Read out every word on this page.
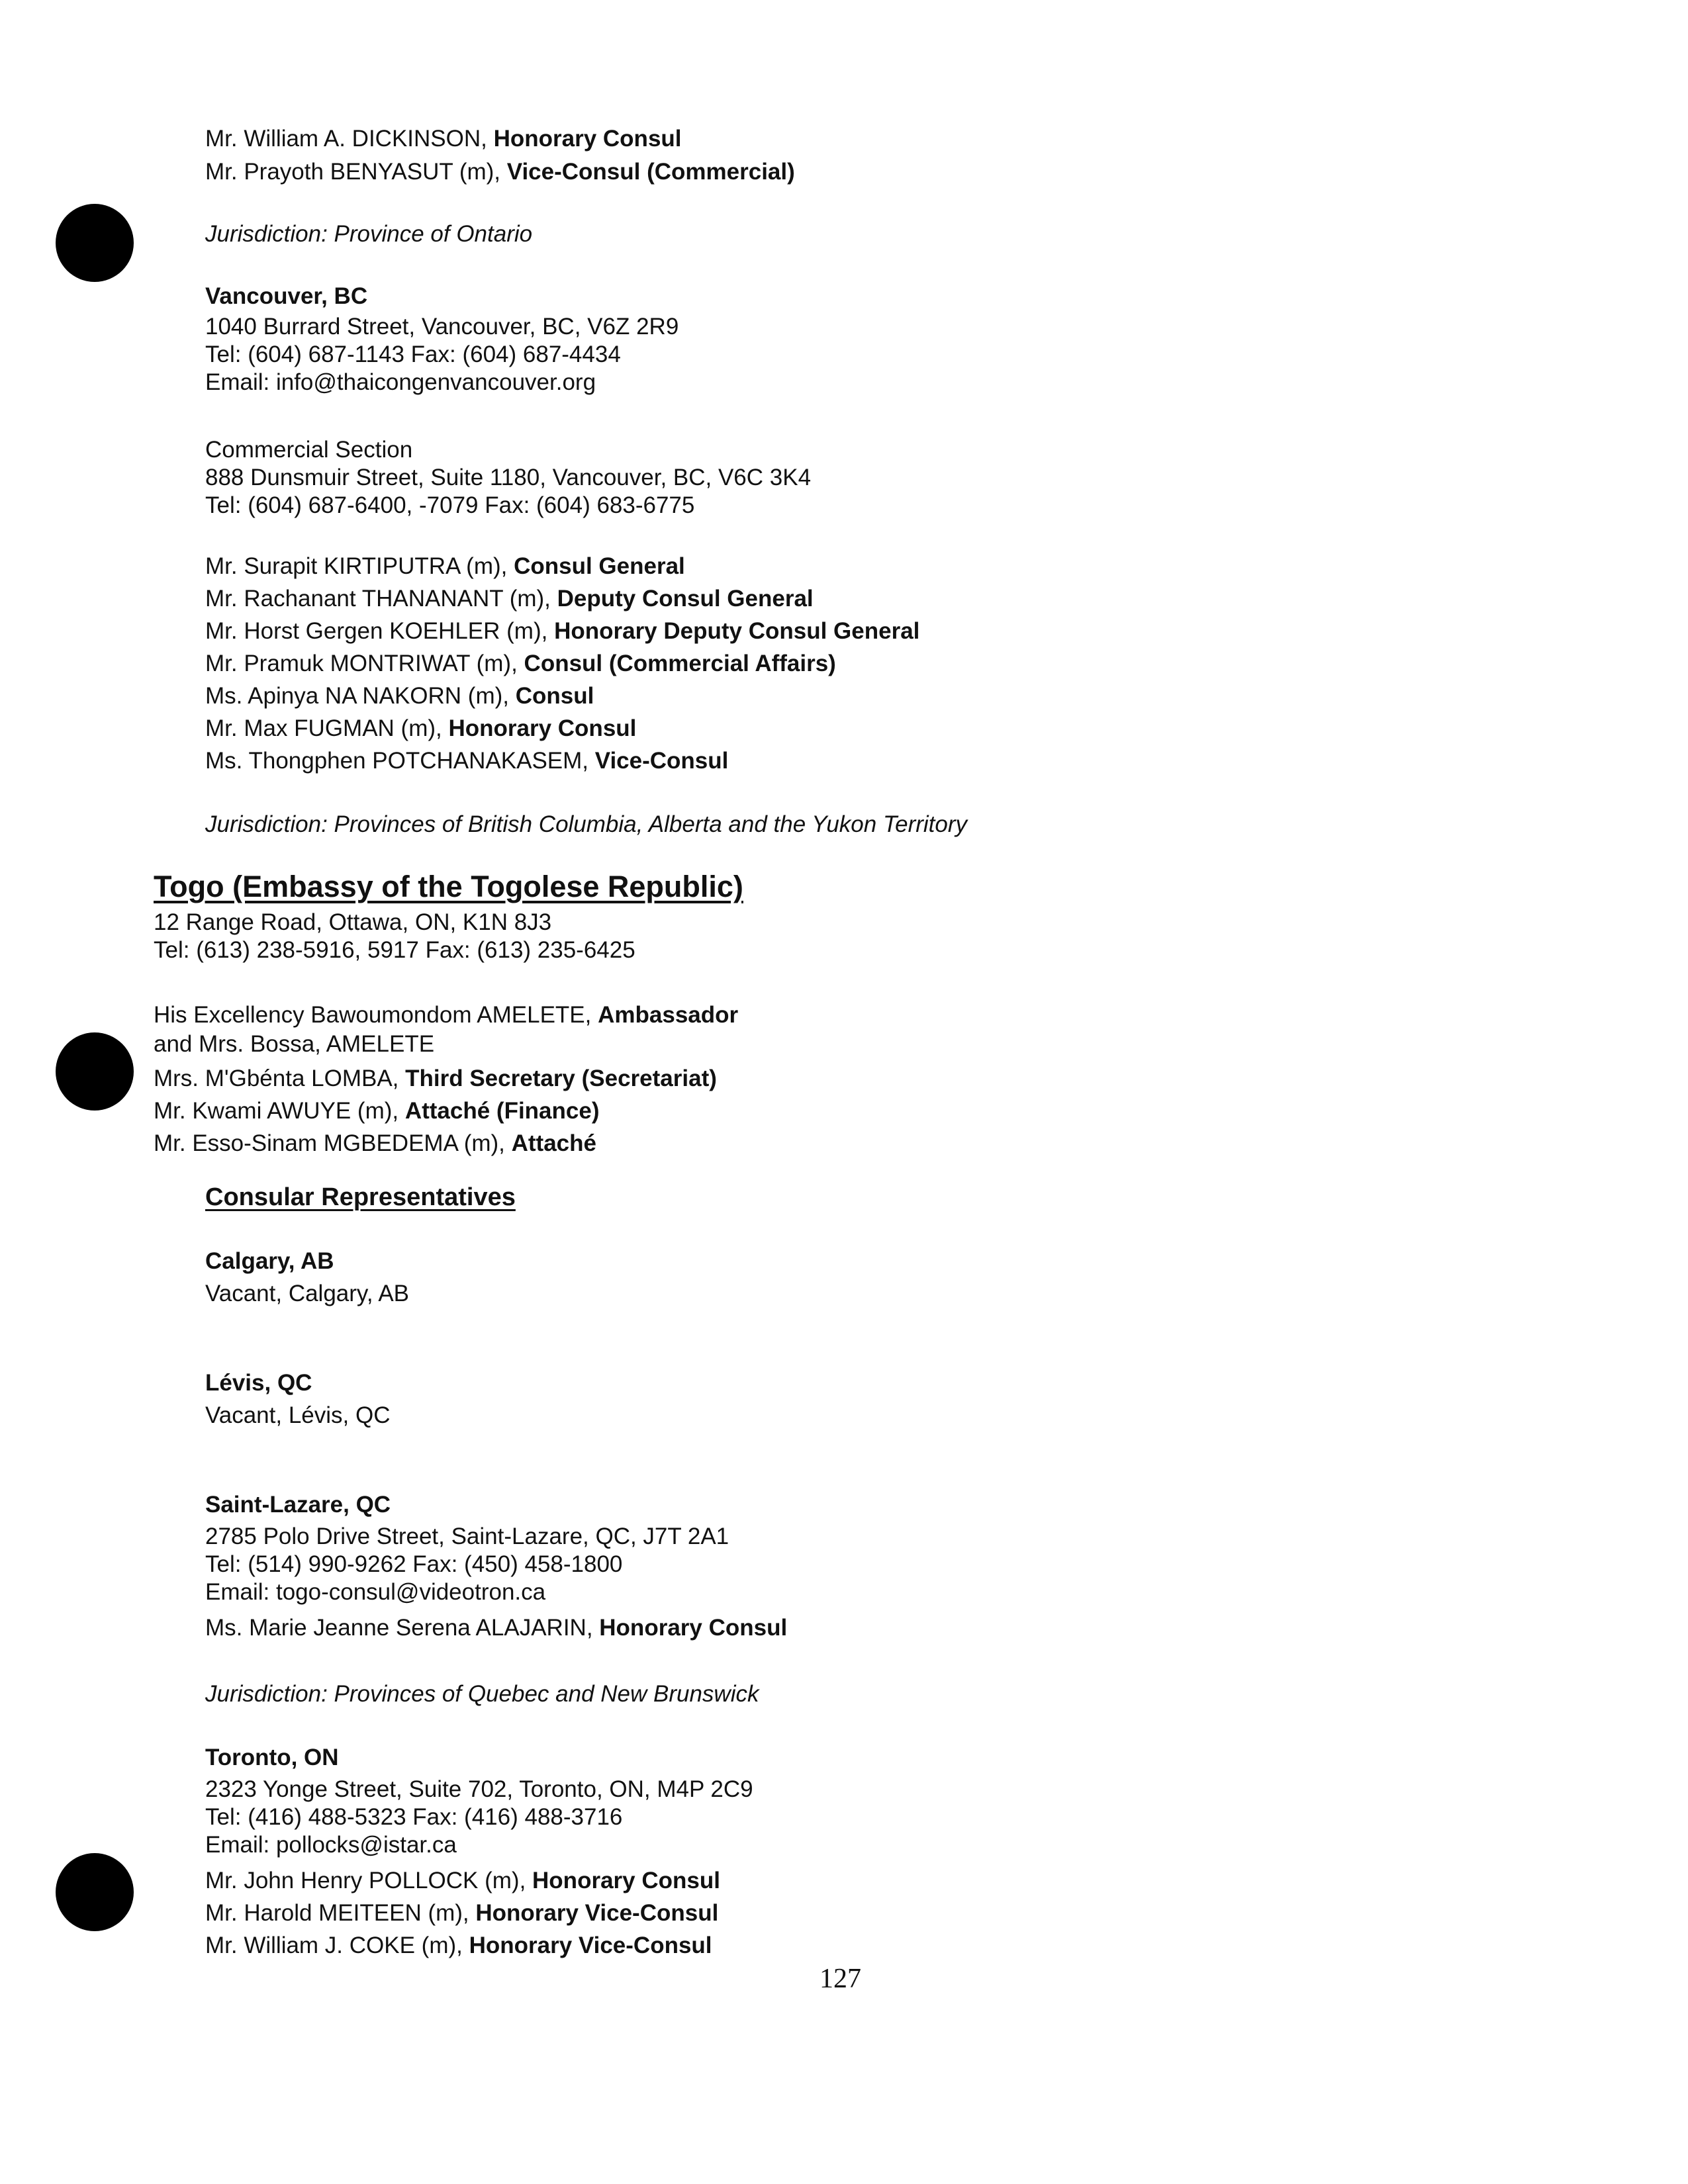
Mr. William A. DICKINSON, Honorary Consul
Mr. Prayoth BENYASUT (m), Vice-Consul (Commercial)
Jurisdiction: Province of Ontario
Vancouver, BC
1040 Burrard Street, Vancouver, BC, V6Z 2R9
Tel: (604) 687-1143 Fax: (604) 687-4434
Email: info@thaicongenvancouver.org
Commercial Section
888 Dunsmuir Street, Suite 1180, Vancouver, BC, V6C 3K4
Tel: (604) 687-6400, -7079 Fax: (604) 683-6775
Mr. Surapit KIRTIPUTRA (m), Consul General
Mr. Rachanant THANANANT (m), Deputy Consul General
Mr. Horst Gergen KOEHLER (m), Honorary Deputy Consul General
Mr. Pramuk MONTRIWAT (m), Consul (Commercial Affairs)
Ms. Apinya NA NAKORN (m), Consul
Mr. Max FUGMAN (m), Honorary Consul
Ms. Thongphen POTCHANAKASEM, Vice-Consul
Jurisdiction: Provinces of British Columbia, Alberta and the Yukon Territory
Togo (Embassy of the Togolese Republic)
12 Range Road, Ottawa, ON, K1N 8J3
Tel: (613) 238-5916, 5917 Fax: (613) 235-6425
His Excellency Bawoumondom AMELETE, Ambassador
and Mrs. Bossa, AMELETE
Mrs. M'Gbénta LOMBA, Third Secretary (Secretariat)
Mr. Kwami AWUYE (m), Attaché (Finance)
Mr. Esso-Sinam MGBEDEMA (m), Attaché
Consular Representatives
Calgary, AB
Vacant, Calgary, AB
Lévis, QC
Vacant, Lévis, QC
Saint-Lazare, QC
2785 Polo Drive Street, Saint-Lazare, QC, J7T 2A1
Tel: (514) 990-9262 Fax: (450) 458-1800
Email: togo-consul@videotron.ca
Ms. Marie Jeanne Serena ALAJARIN, Honorary Consul
Jurisdiction: Provinces of Quebec and New Brunswick
Toronto, ON
2323 Yonge Street, Suite 702, Toronto, ON, M4P 2C9
Tel: (416) 488-5323 Fax: (416) 488-3716
Email: pollocks@istar.ca
Mr. John Henry POLLOCK (m), Honorary Consul
Mr. Harold MEITEEN (m), Honorary Vice-Consul
Mr. William J. COKE (m), Honorary Vice-Consul
127
